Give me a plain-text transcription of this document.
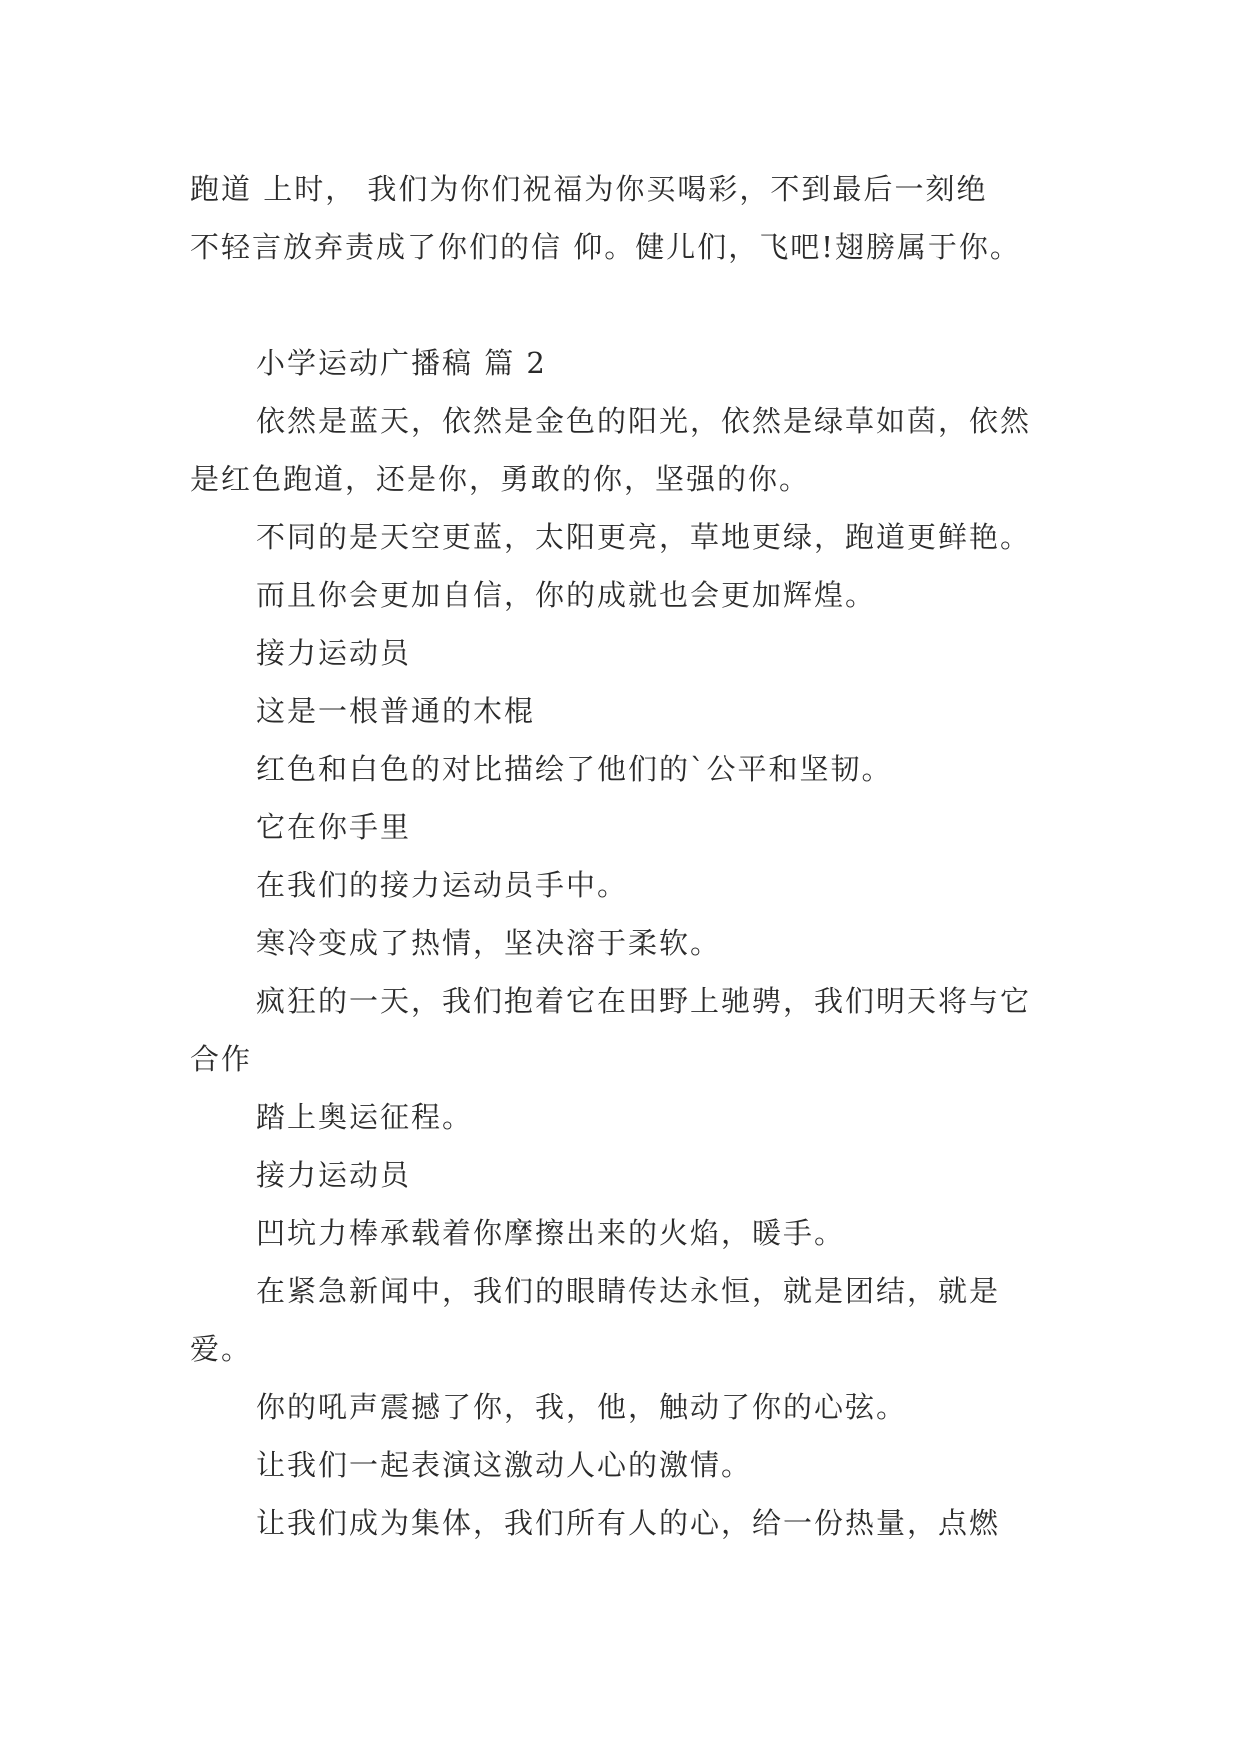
跑道 上时， 我们为你们祝福为你买喝彩，不到最后一刻绝

不轻言放弃责成了你们的信 仰。健儿们，飞吧!翅膀属于你。

小学运动广播稿 篇 2

依然是蓝天，依然是金色的阳光，依然是绿草如茵，依然是红色跑道，还是你，勇敢的你，坚强的你。

不同的是天空更蓝，太阳更亮，草地更绿，跑道更鲜艳。

而且你会更加自信，你的成就也会更加辉煌。

接力运动员

这是一根普通的木棍

红色和白色的对比描绘了他们的`公平和坚韧。

它在你手里

在我们的接力运动员手中。

寒冷变成了热情，坚决溶于柔软。

疯狂的一天，我们抱着它在田野上驰骋，我们明天将与它合作

踏上奥运征程。

接力运动员

凹坑力棒承载着你摩擦出来的火焰，暖手。

在紧急新闻中，我们的眼睛传达永恒，就是团结，就是爱。

你的吼声震撼了你，我，他，触动了你的心弦。

让我们一起表演这激动人心的激情。

让我们成为集体，我们所有人的心，给一份热量，点燃
